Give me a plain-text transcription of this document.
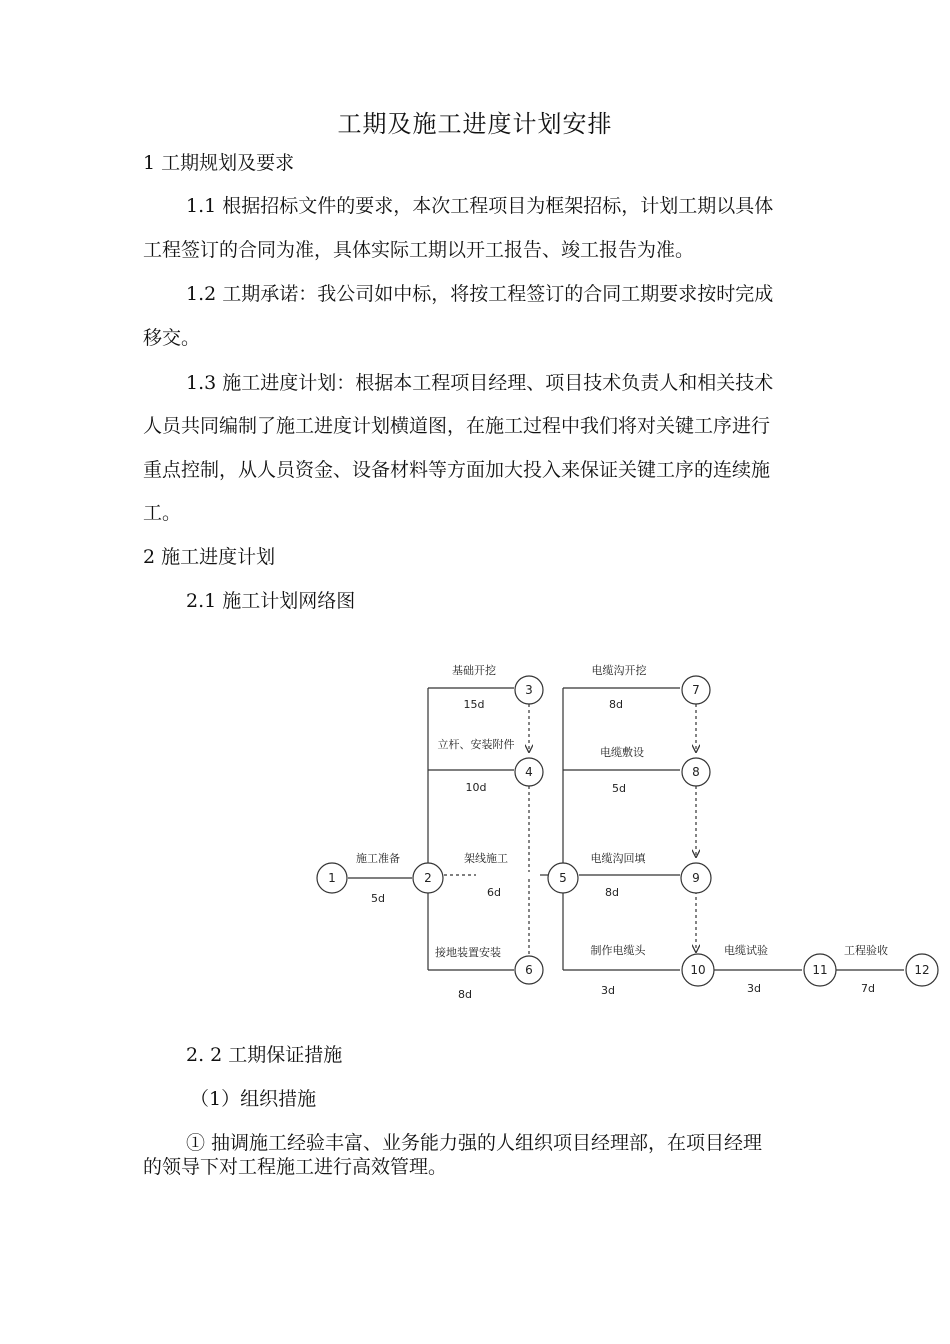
工期及施工进度计划安排
1 工期规划及要求
1.1 根据招标文件的要求，本次工程项目为框架招标，计划工期以具体
工程签订的合同为准，具体实际工期以开工报告、竣工报告为准。
1.2 工期承诺：我公司如中标，将按工程签订的合同工期要求按时完成
移交。
1.3 施工进度计划：根据本工程项目经理、项目技术负责人和相关技术
人员共同编制了施工进度计划横道图，在施工过程中我们将对关键工序进行
重点控制，从人员资金、设备材料等方面加大投入来保证关键工序的连续施
工。
2 施工进度计划
2.1 施工计划网络图
1	2
3
4
5
6
7
8
9
10	11	12
施工准备
5d
基础开挖
15d
立杆、安装附件
10d
架线施工
6d
接地装置安装
8d
电缆沟开挖
8d
电缆敷设
5d
电缆沟回填
8d
制作电缆头
3d
电缆试验
3d
工程验收
7d
2. 2 工期保证措施
（1）组织措施
① 抽调施工经验丰富、业务能力强的人组织项目经理部，在项目经理
的领导下对工程施工进行高效管理。
